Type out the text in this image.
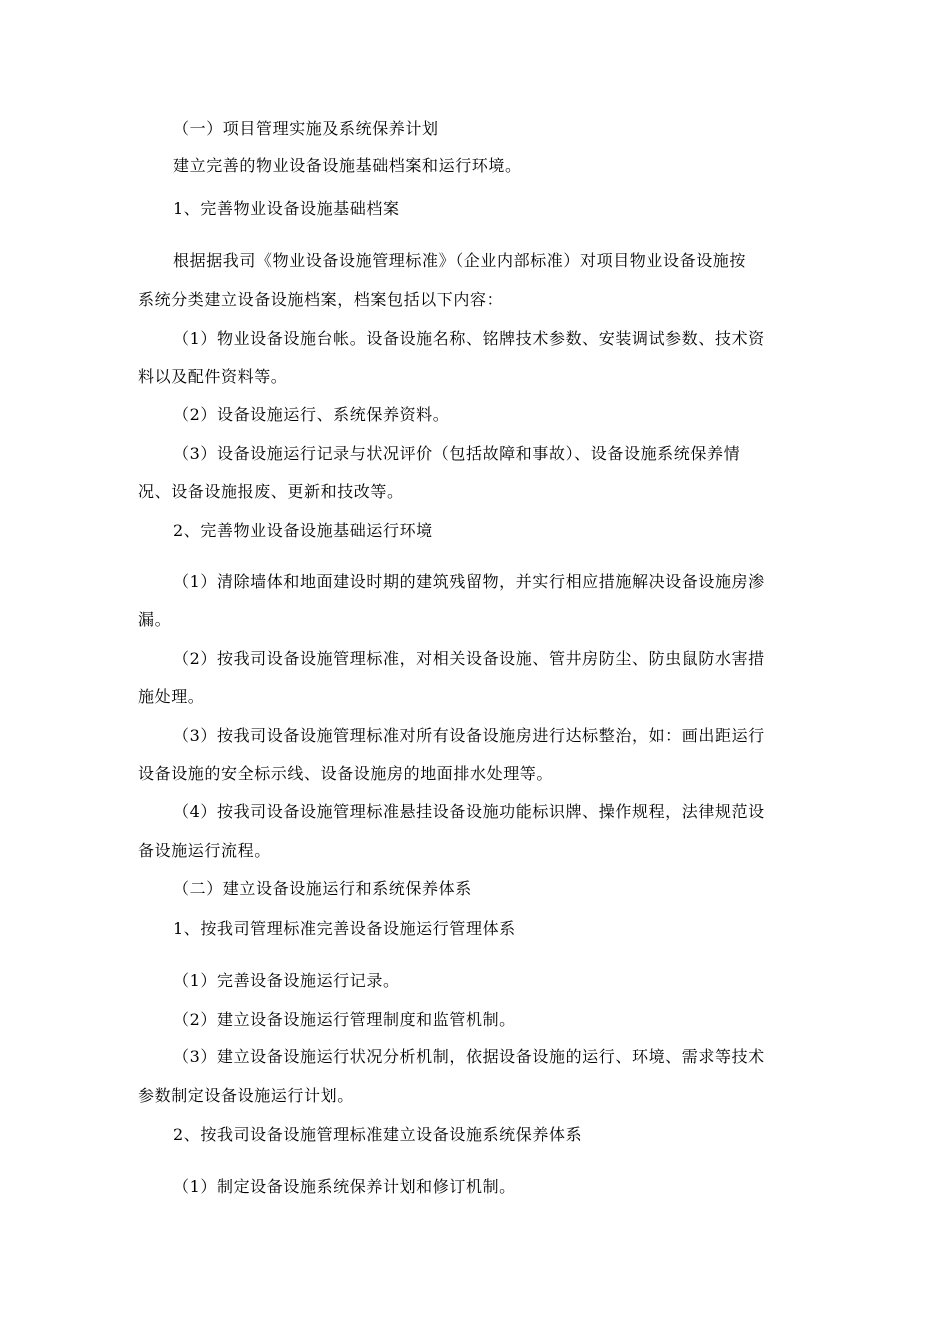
（一）项目管理实施及系统保养计划
建立完善的物业设备设施基础档案和运行环境。
1、完善物业设备设施基础档案
根据据我司《物业设备设施管理标准》（企业内部标准）对项目物业设备设施按
系统分类建立设备设施档案，档案包括以下内容：
（1）物业设备设施台帐。设备设施名称、铭牌技术参数、安装调试参数、技术资
料以及配件资料等。
（2）设备设施运行、系统保养资料。
（3）设备设施运行记录与状况评价（包括故障和事故）、设备设施系统保养情
况、设备设施报废、更新和技改等。
2、完善物业设备设施基础运行环境
（1）清除墙体和地面建设时期的建筑残留物，并实行相应措施解决设备设施房渗
漏。
（2）按我司设备设施管理标准，对相关设备设施、管井房防尘、防虫鼠防水害措
施处理。
（3）按我司设备设施管理标准对所有设备设施房进行达标整治，如：画出距运行
设备设施的安全标示线、设备设施房的地面排水处理等。
（4）按我司设备设施管理标准悬挂设备设施功能标识牌、操作规程，法律规范设
备设施运行流程。
（二）建立设备设施运行和系统保养体系
1、按我司管理标准完善设备设施运行管理体系
（1）完善设备设施运行记录。
（2）建立设备设施运行管理制度和监管机制。
（3）建立设备设施运行状况分析机制，依据设备设施的运行、环境、需求等技术
参数制定设备设施运行计划。
2、按我司设备设施管理标准建立设备设施系统保养体系
（1）制定设备设施系统保养计划和修订机制。
